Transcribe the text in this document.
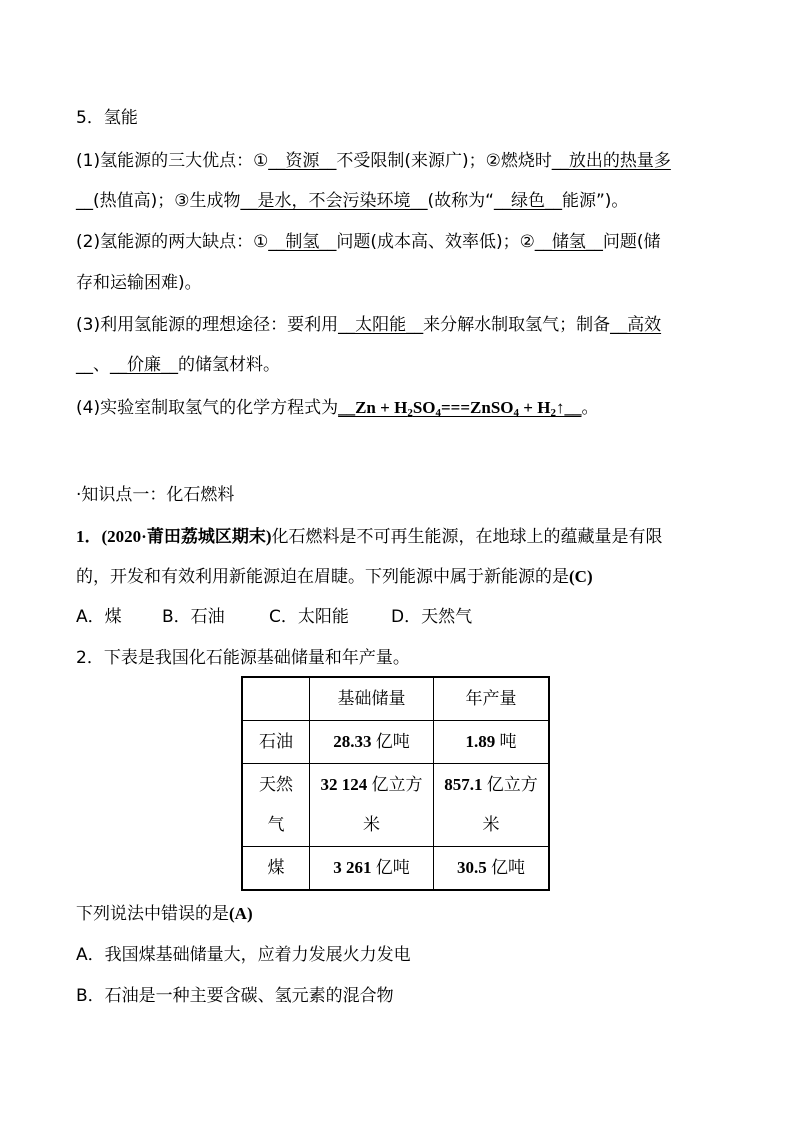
5．氢能
(1)氢能源的三大优点：①__资源__不受限制(来源广)；②燃烧时__放出的热量多
__(热值高)；③生成物__是水，不会污染环境__(故称为“__绿色__能源”)。
(2)氢能源的两大缺点：①__制氢__问题(成本高、效率低)；②__储氢__问题(储
存和运输困难)。
(3)利用氢能源的理想途径：要利用__太阳能__来分解水制取氢气；制备__高效
__、__价廉__的储氢材料。
(4)实验室制取氢气的化学方程式为__Zn + $H_2SO_4===ZnSO_4$ + $H_2↑\_\_$。
·知识点一：化石燃料
1．(2020·莆田荔城区期末)化石燃料是不可再生能源，在地球上的蕴藏量是有限
的，开发和有效利用新能源迫在眉睫。下列能源中属于新能源的是(C)
A．煤 B．石油	C．太阳能 D．天然气
2．下表是我国化石能源基础储量和年产量。
	基础储量	年产量
石油	28.33 亿吨	1.89 吨

天然气	32 124 亿立方米	857.1 亿立方米

煤	3 261 亿吨	30.5 亿吨
下列说法中错误的是(A)
A．我国煤基础储量大，应着力发展火力发电
B．石油是一种主要含碳、氢元素的混合物
